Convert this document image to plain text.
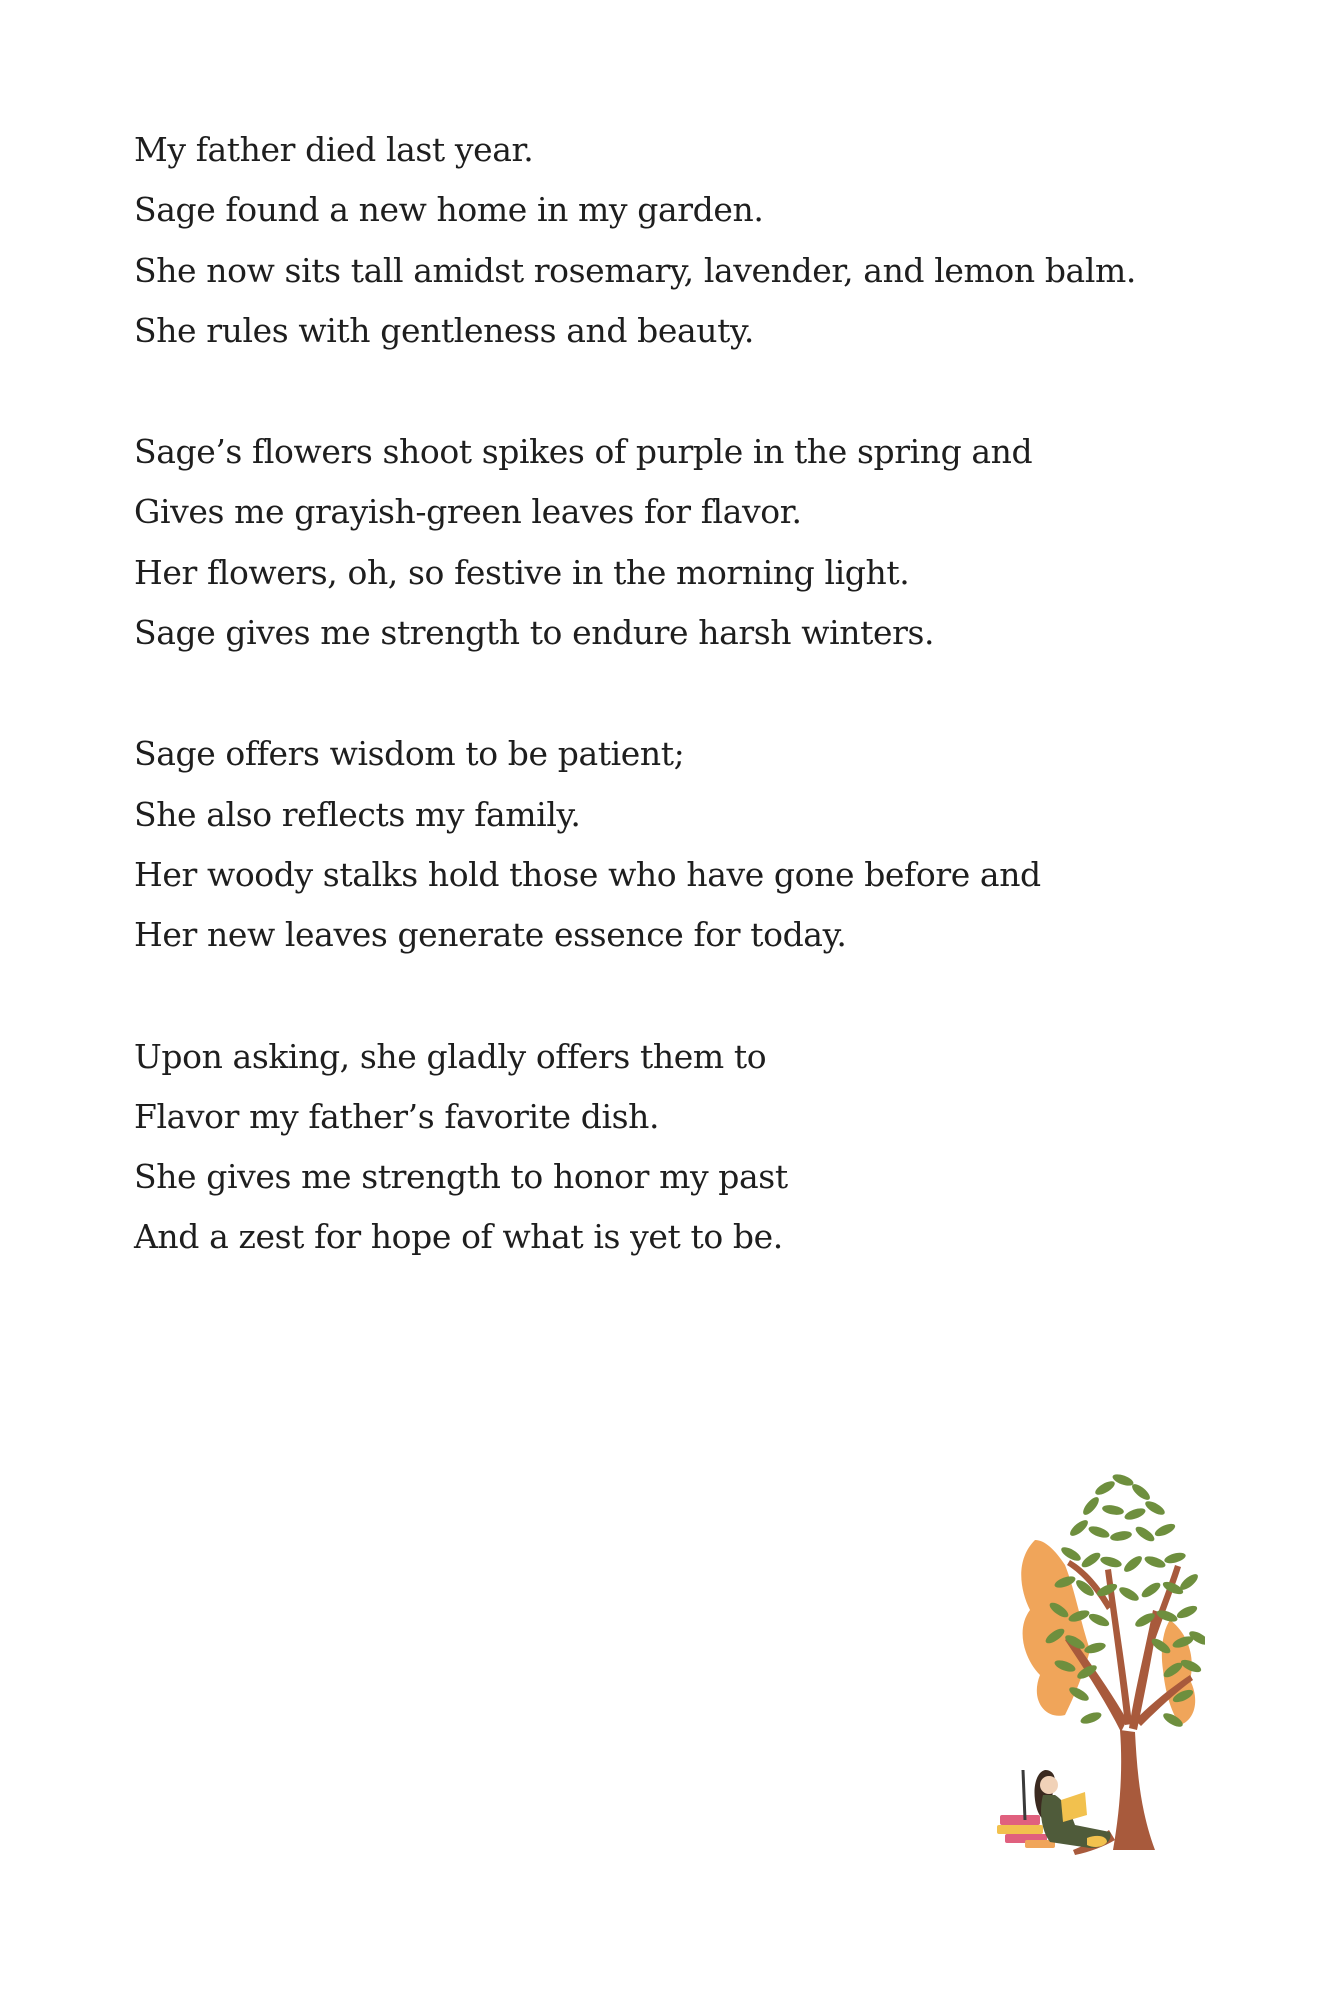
My father died last year.
Sage found a new home in my garden.
She now sits tall amidst rosemary, lavender, and lemon balm.
She rules with gentleness and beauty.
Sage’s flowers shoot spikes of purple in the spring and
Gives me grayish-green leaves for flavor.
Her flowers, oh, so festive in the morning light.
Sage gives me strength to endure harsh winters.
Sage offers wisdom to be patient;
She also reflects my family.
Her woody stalks hold those who have gone before and
Her new leaves generate essence for today.
Upon asking, she gladly offers them to
Flavor my father’s favorite dish.
She gives me strength to honor my past
And a zest for hope of what is yet to be.
